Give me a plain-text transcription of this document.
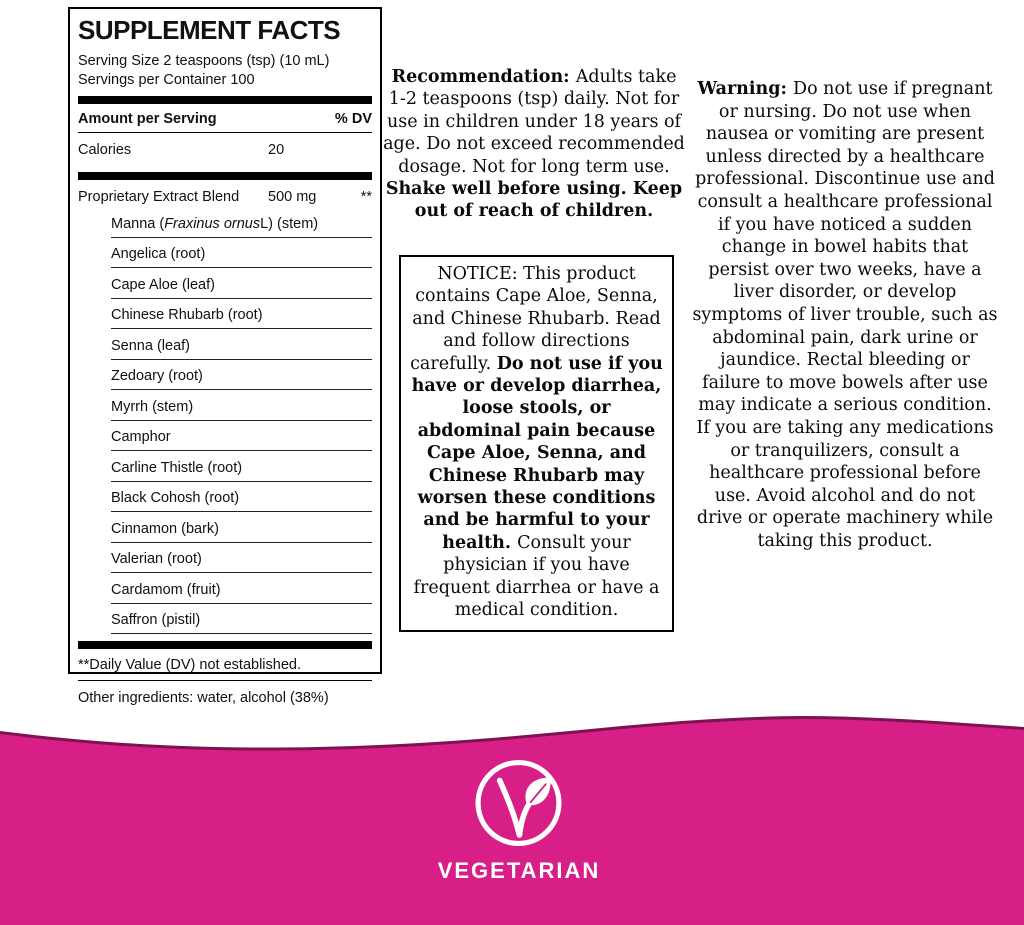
SUPPLEMENT FACTS
Serving Size 2 teaspoons (tsp) (10 mL)
Servings per Container 100
Amount per Serving	% DV
Calories	20
Proprietary Extract Blend 500 mg	**
Manna ( Fraxinus ornus L) (stem)
Angelica (root)
Cape Aloe (leaf)
Chinese Rhubarb (root)
Senna (leaf)
Zedoary (root)
Myrrh (stem)
Camphor
Carline Thistle (root)
Black Cohosh (root)
Cinnamon (bark)
Valerian (root)
Cardamom (fruit)
Saffron (pistil)
**Daily Value (DV) not established.
Other ingredients: water, alcohol (38%)
Recommendation: Adults take 1-2 teaspoons (tsp) daily. Not for use in children under 18 years of age. Do not exceed recommended dosage. Not for long term use. Shake well before using. Keep out of reach of children.
NOTICE: This product contains Cape Aloe, Senna, and Chinese Rhubarb. Read and follow directions carefully. Do not use if you have or develop diarrhea, loose stools, or abdominal pain because Cape Aloe, Senna, and Chinese Rhubarb may worsen these conditions and be harmful to your health. Consult your physician if you have frequent diarrhea or have a medical condition.
Warning: Do not use if pregnant or nursing. Do not use when nausea or vomiting are present unless directed by a healthcare professional. Discontinue use and consult a healthcare professional if you have noticed a sudden change in bowel habits that persist over two weeks, have a liver disorder, or develop symptoms of liver trouble, such as abdominal pain, dark urine or jaundice. Rectal bleeding or failure to move bowels after use may indicate a serious condition. If you are taking any medications or tranquilizers, consult a healthcare professional before use. Avoid alcohol and do not drive or operate machinery while taking this product.
VEGETARIAN
